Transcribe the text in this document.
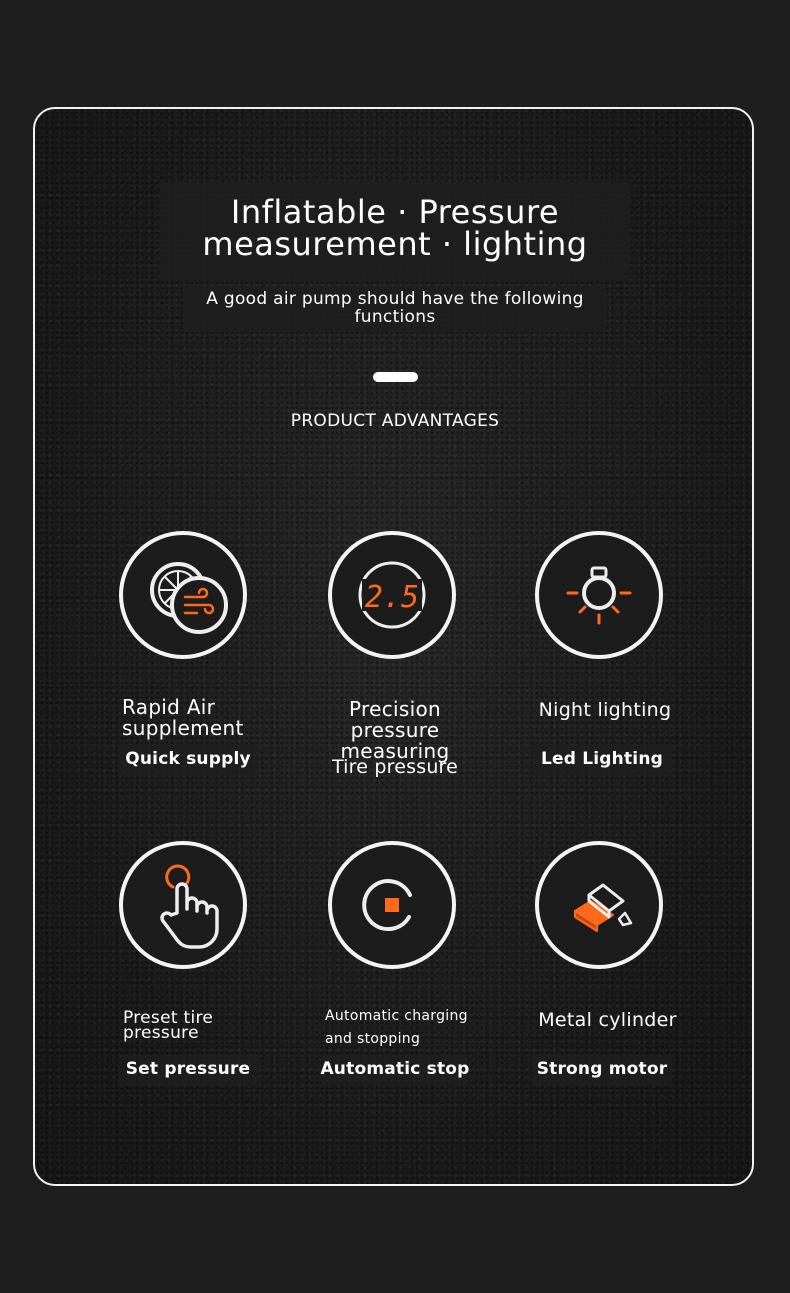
Inflatable · Pressure measurement · lighting
A good air pump should have the following functions
PRODUCT ADVANTAGES
Rapid Air supplement
Quick supply
2.5
Precision pressure measuring
Tire pressure
Night lighting
Led Lighting
Preset tire pressure
Set pressure
Automatic charging and stopping
Automatic stop
Metal cylinder
Strong motor
